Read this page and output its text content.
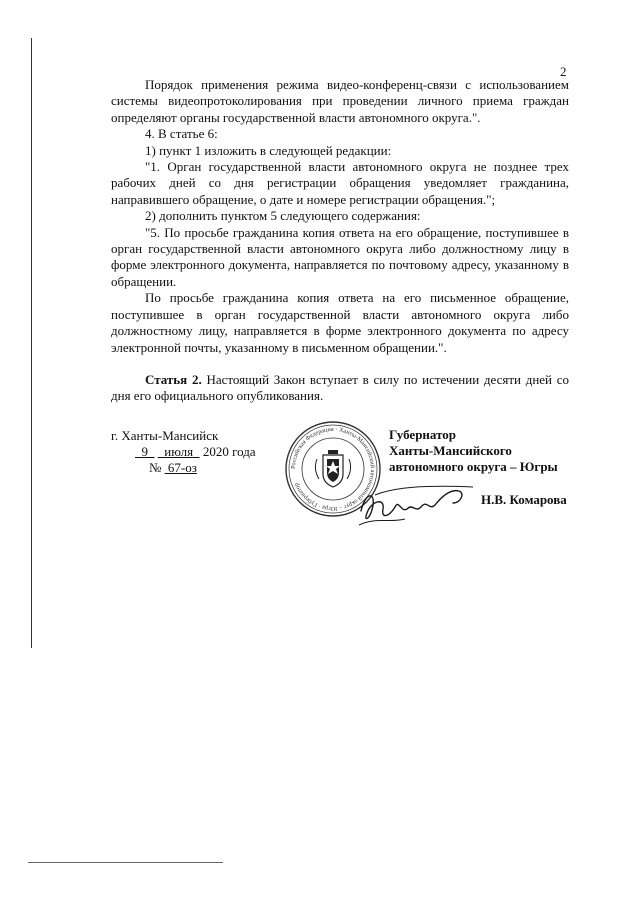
2

Порядок применения режима видео-конференц-связи с использованием системы видеопротоколирования при проведении личного приема граждан определяют органы государственной власти автономного округа.".

4. В статье 6:

1) пункт 1 изложить в следующей редакции:

"1. Орган государственной власти автономного округа не позднее трех рабочих дней со дня регистрации обращения уведомляет гражданина, направившего обращение, о дате и номере регистрации обращения.";

2) дополнить пунктом 5 следующего содержания:

"5. По просьбе гражданина копия ответа на его обращение, поступившее в орган государственной власти автономного округа либо должностному лицу в форме электронного документа, направляется по почтовому адресу, указанному в обращении.

По просьбе гражданина копия ответа на его письменное обращение, поступившее в орган государственной власти автономного округа либо должностному лицу, направляется в форме электронного документа по адресу электронной почты, указанному в письменном обращении.".

Статья 2. Настоящий Закон вступает в силу по истечении десяти дней со дня его официального опубликования.

г. Ханты-Мансийск
9 июля 2020 года
№ 67-оз	Российская Федерация · Ханты-Мансийский автономный округ – Югра · Губернатор
Губернатор
Ханты-Мансийского
автономного округа – Югры
Н.В. Комарова
